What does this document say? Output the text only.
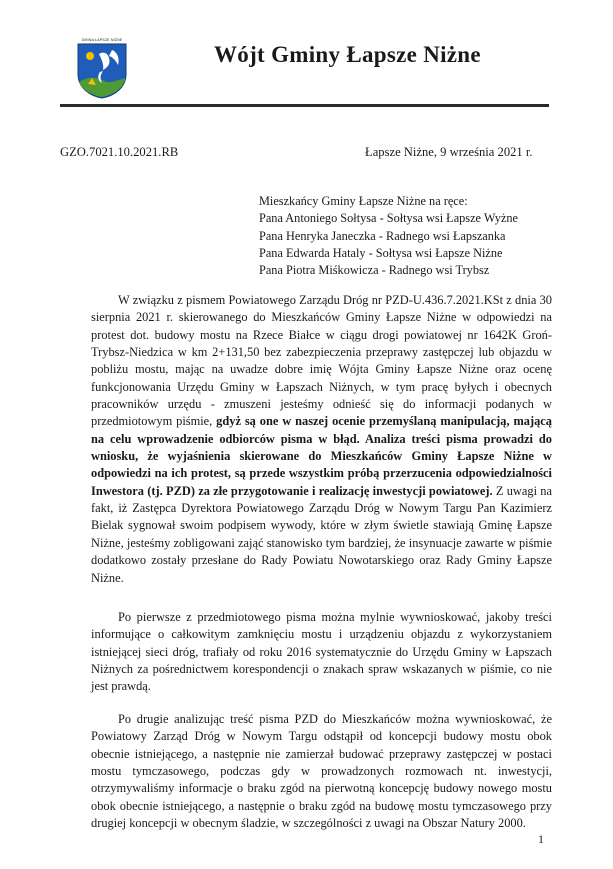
GMINA ŁAPSZE NIŻNE
Wójt Gminy Łapsze Niżne
GZO.7021.10.2021.RB	Łapsze Niżne, 9 września 2021 r.
Mieszkańcy Gminy Łapsze Niżne na ręce:
Pana Antoniego Sołtysa - Sołtysa wsi Łapsze Wyżne
Pana Henryka Janeczka - Radnego wsi Łapszanka
Pana Edwarda Hataly - Sołtysa wsi Łapsze Niżne
Pana Piotra Miśkowicza - Radnego wsi Trybsz

W związku z pismem Powiatowego Zarządu Dróg nr PZD-U.436.7.2021.KSt z dnia 30 sierpnia 2021 r. skierowanego do Mieszkańców Gminy Łapsze Niżne w odpowiedzi na protest dot. budowy mostu na Rzece Białce w ciągu drogi powiatowej nr 1642K Groń-Trybsz-Niedzica w km 2+131,50 bez zabezpieczenia przeprawy zastępczej lub objazdu w pobliżu mostu, mając na uwadze dobre imię Wójta Gminy Łapsze Niżne oraz ocenę funkcjonowania Urzędu Gminy w Łapszach Niżnych, w tym pracę byłych i obecnych pracowników urzędu - zmuszeni jesteśmy odnieść się do informacji podanych w przedmiotowym piśmie, gdyż są one w naszej ocenie przemyślaną manipulacją, mającą na celu wprowadzenie odbiorców pisma w błąd. Analiza treści pisma prowadzi do wniosku, że wyjaśnienia skierowane do Mieszkańców Gminy Łapsze Niżne w odpowiedzi na ich protest, są przede wszystkim próbą przerzucenia odpowiedzialności Inwestora (tj. PZD) za złe przygotowanie i realizację inwestycji powiatowej. Z uwagi na fakt, iż Zastępca Dyrektora Powiatowego Zarządu Dróg w Nowym Targu Pan Kazimierz Bielak sygnował swoim podpisem wywody, które w złym świetle stawiają Gminę Łapsze Niżne, jesteśmy zobligowani zająć stanowisko tym bardziej, że insynuacje zawarte w piśmie dodatkowo zostały przesłane do Rady Powiatu Nowotarskiego oraz Rady Gminy Łapsze Niżne.

Po pierwsze z przedmiotowego pisma można mylnie wywnioskować, jakoby treści informujące o całkowitym zamknięciu mostu i urządzeniu objazdu z wykorzystaniem istniejącej sieci dróg, trafiały od roku 2016 systematycznie do Urzędu Gminy w Łapszach Niżnych za pośrednictwem korespondencji o znakach spraw wskazanych w piśmie, co nie jest prawdą.

Po drugie analizując treść pisma PZD do Mieszkańców można wywnioskować, że Powiatowy Zarząd Dróg w Nowym Targu odstąpił od koncepcji budowy mostu obok obecnie istniejącego, a następnie nie zamierzał budować przeprawy zastępczej w postaci mostu tymczasowego, podczas gdy w prowadzonych rozmowach nt. inwestycji, otrzymywaliśmy informacje o braku zgód na pierwotną koncepcję budowy nowego mostu obok obecnie istniejącego, a następnie o braku zgód na budowę mostu tymczasowego przy drugiej koncepcji w obecnym śladzie, w szczególności z uwagi na Obszar Natury 2000.

1
